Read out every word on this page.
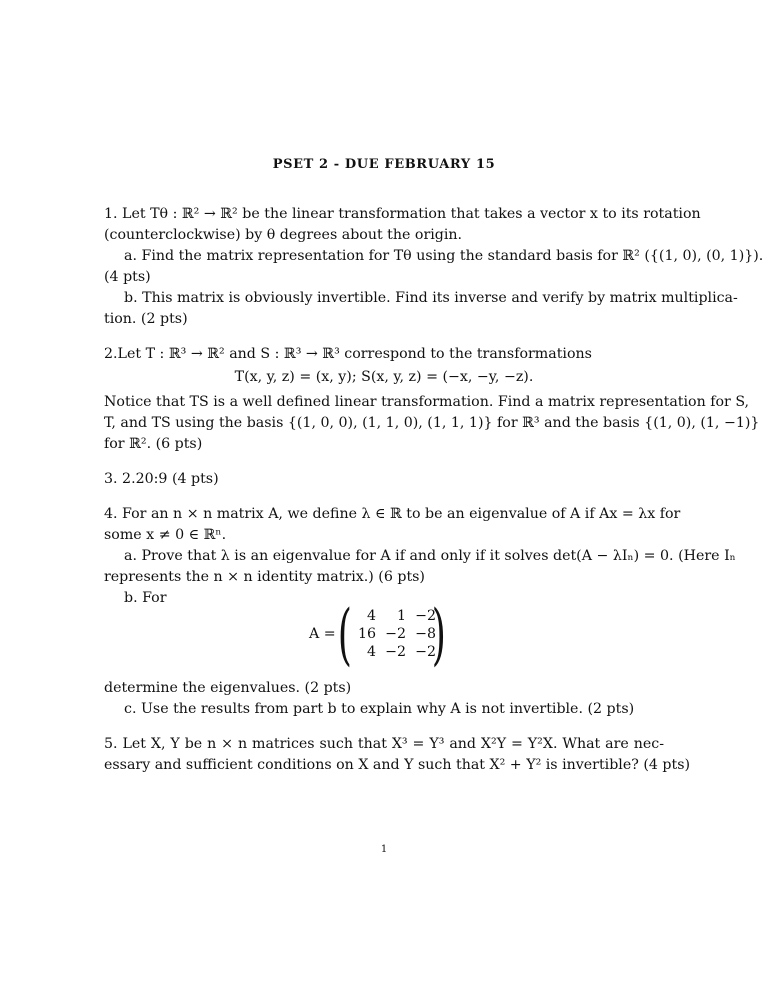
PSET 2 - DUE FEBRUARY 15
1. Let Tθ : ℝ² → ℝ² be the linear transformation that takes a vector x to its rotation
(counterclockwise) by θ degrees about the origin.
a. Find the matrix representation for Tθ using the standard basis for ℝ² ({(1, 0), (0, 1)}).
(4 pts)
b. This matrix is obviously invertible. Find its inverse and verify by matrix multiplica-
tion. (2 pts)
2.Let T : ℝ³ → ℝ² and S : ℝ³ → ℝ³ correspond to the transformations
T(x, y, z) = (x, y); S(x, y, z) = (−x, −y, −z).
Notice that TS is a well defined linear transformation. Find a matrix representation for S,
T, and TS using the basis {(1, 0, 0), (1, 1, 0), (1, 1, 1)} for ℝ³ and the basis {(1, 0), (1, −1)}
for ℝ². (6 pts)
3. 2.20:9 (4 pts)
4. For an n × n matrix A, we define λ ∈ ℝ to be an eigenvalue of A if Ax = λx for
some x ≠ 0 ∈ ℝⁿ.
a. Prove that λ is an eigenvalue for A if and only if it solves det(A − λIₙ) = 0. (Here Iₙ
represents the n × n identity matrix.) (6 pts)
b. For
A = ( )
4	1 −2
16 −2 −8
4 −2 −2
determine the eigenvalues. (2 pts)
c. Use the results from part b to explain why A is not invertible. (2 pts)
5. Let X, Y be n × n matrices such that X³ = Y³ and X²Y = Y²X. What are nec-
essary and sufficient conditions on X and Y such that X² + Y² is invertible? (4 pts)
1
